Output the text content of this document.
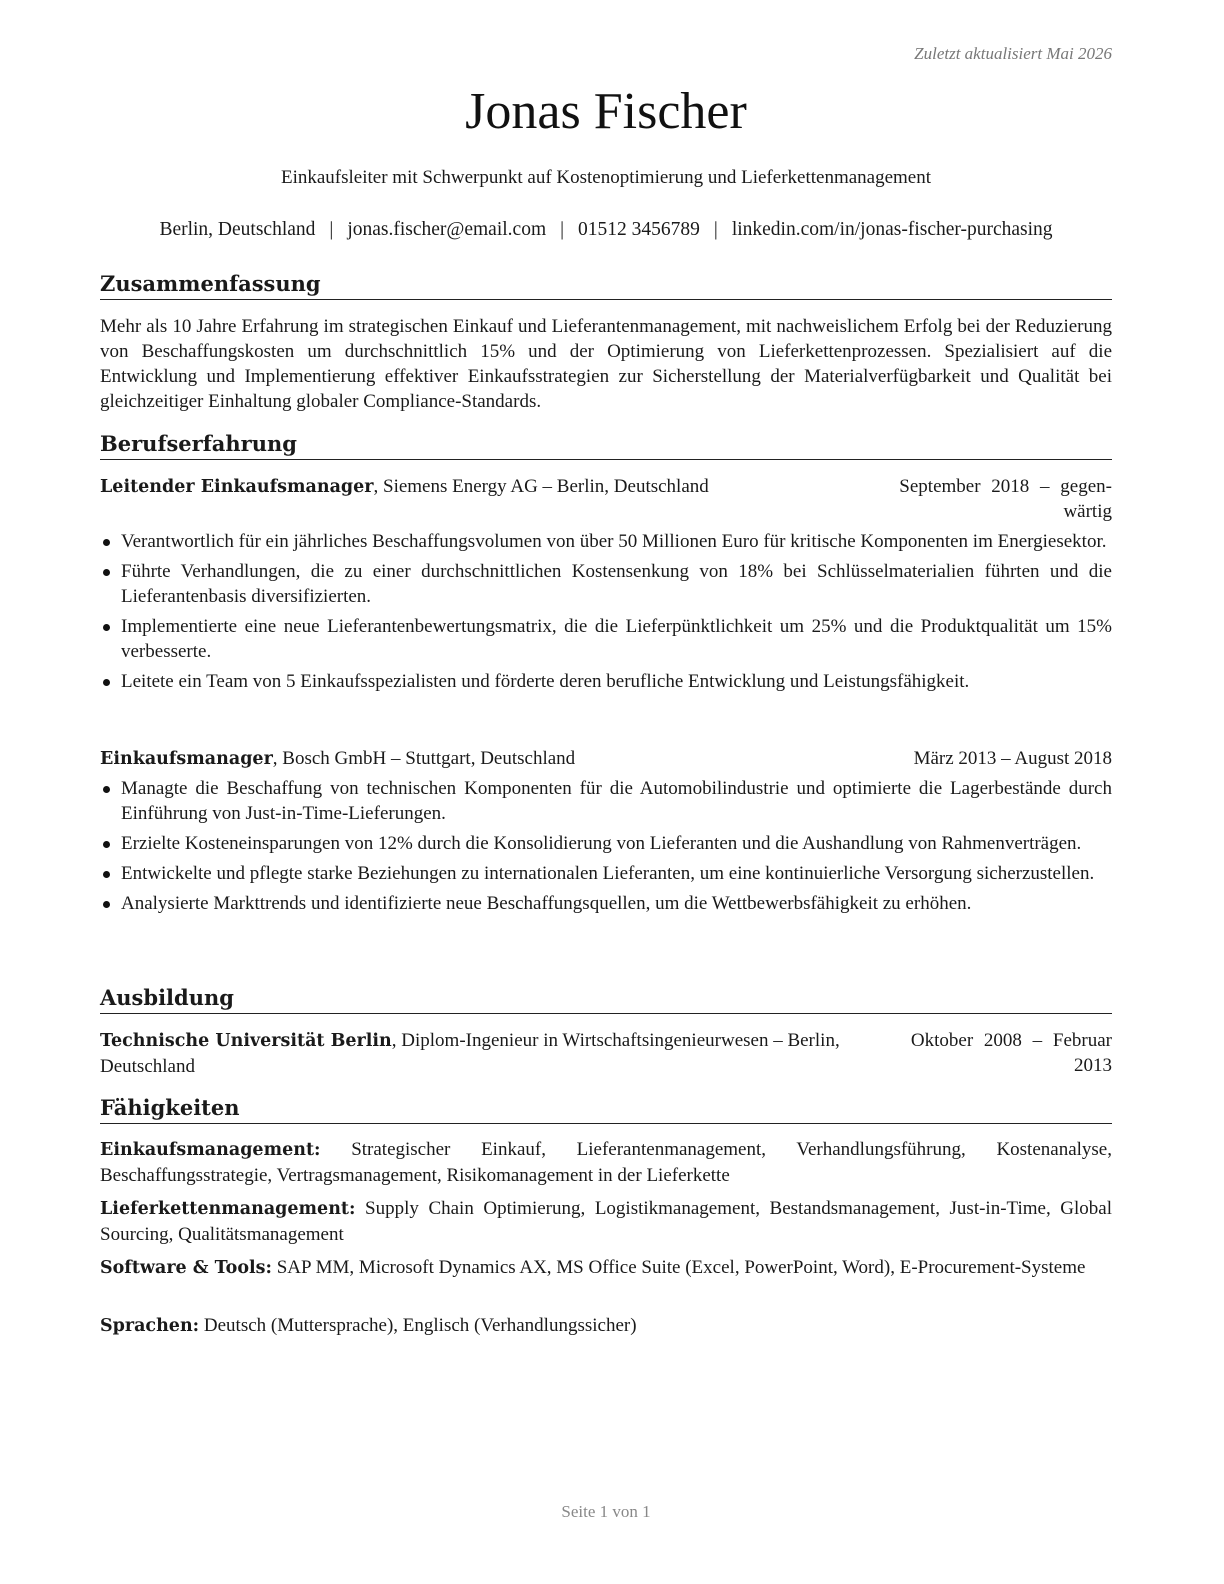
Zuletzt aktualisiert Mai 2026
Jonas Fischer
Einkaufsleiter mit Schwerpunkt auf Kostenoptimierung und Lieferkettenmanagement
Berlin, Deutschland | jonas.fischer@email.com | 01512 3456789 | linkedin.com/in/jonas-fischer-purchasing
Zusammenfassung
Mehr als 10 Jahre Erfahrung im strategischen Einkauf und Lieferantenmanagement, mit nachweislichem Erfolg bei der Reduzierung von Beschaffungskosten um durchschnittlich 15% und der Optimierung von Lieferkettenprozessen. Spezialisiert auf die Entwicklung und Implementierung effektiver Einkaufsstrategien zur Sicherstellung der Materialverfügbarkeit und Qualität bei gleichzeitiger Einhaltung globaler Compliance-Standards.
Berufserfahrung
Leitender Einkaufsmanager, Siemens Energy AG – Berlin, Deutschland	September 2018 – gegen-
wärtig
Verantwortlich für ein jährliches Beschaffungsvolumen von über 50 Millionen Euro für kritische Komponenten im Energiesektor.
Führte Verhandlungen, die zu einer durchschnittlichen Kostensenkung von 18% bei Schlüsselmaterialien führten und die Lieferantenbasis diversifizierten.
Implementierte eine neue Lieferantenbewertungsmatrix, die die Lieferpünktlichkeit um 25% und die Produktqualität um 15% verbesserte.
Leitete ein Team von 5 Einkaufsspezialisten und förderte deren berufliche Entwicklung und Leistungsfähigkeit.
Einkaufsmanager, Bosch GmbH – Stuttgart, Deutschland	März 2013 – August 2018
Managte die Beschaffung von technischen Komponenten für die Automobilindustrie und optimierte die Lagerbestände durch Einführung von Just-in-Time-Lieferungen.
Erzielte Kosteneinsparungen von 12% durch die Konsolidierung von Lieferanten und die Aushandlung von Rahmenverträgen.
Entwickelte und pflegte starke Beziehungen zu internationalen Lieferanten, um eine kontinuierliche Versorgung sicherzustellen.
Analysierte Markttrends und identifizierte neue Beschaffungsquellen, um die Wettbewerbsfähigkeit zu erhöhen.
Ausbildung
Technische Universität Berlin, Diplom-Ingenieur in Wirtschaftsingenieurwesen – Berlin,
Deutschland
Oktober 2008 – Februar
2013
Fähigkeiten
Einkaufsmanagement: Strategischer Einkauf, Lieferantenmanagement, Verhandlungsführung, Kostenanalyse, Beschaffungsstrategie, Vertragsmanagement, Risikomanagement in der Lieferkette
Lieferkettenmanagement: Supply Chain Optimierung, Logistikmanagement, Bestandsmanagement, Just-in-Time, Global Sourcing, Qualitätsmanagement
Software & Tools: SAP MM, Microsoft Dynamics AX, MS Office Suite (Excel, PowerPoint, Word), E-Procurement-Systeme
Sprachen: Deutsch (Muttersprache), Englisch (Verhandlungssicher)
Seite 1 von 1
